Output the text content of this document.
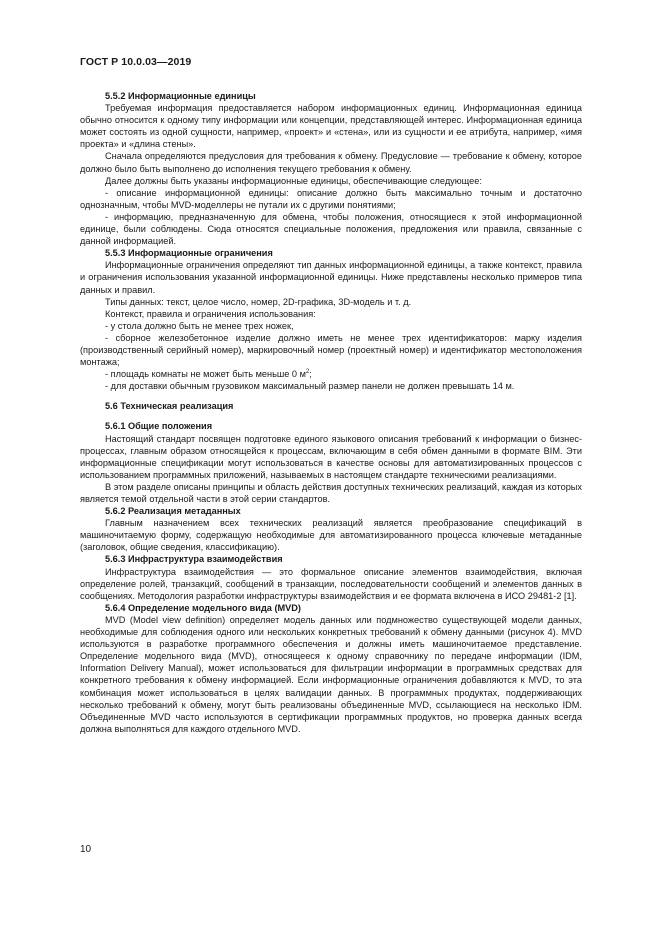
ГОСТ Р 10.0.03—2019

5.5.2 Информационные единицы

Требуемая информация предоставляется набором информационных единиц. Информационная единица обычно относится к одному типу информации или концепции, представляющей интерес. Информационная единица может состоять из одной сущности, например, «проект» и «стена», или из сущности и ее атрибута, например, «имя проекта» и «длина стены».

Сначала определяются предусловия для требования к обмену. Предусловие — требование к обмену, которое должно было быть выполнено до исполнения текущего требования к обмену.

Далее должны быть указаны информационные единицы, обеспечивающие следующее:

- описание информационной единицы: описание должно быть максимально точным и достаточно однозначным, чтобы MVD-моделлеры не путали их с другими понятиями;

- информацию, предназначенную для обмена, чтобы положения, относящиеся к этой информационной единице, были соблюдены. Сюда относятся специальные положения, предложения или правила, связанные с данной информацией.

5.5.3 Информационные ограничения

Информационные ограничения определяют тип данных информационной единицы, а также контекст, правила и ограничения использования указанной информационной единицы. Ниже представлены несколько примеров типа данных и правил.

Типы данных: текст, целое число, номер, 2D-графика, 3D-модель и т. д.

Контекст, правила и ограничения использования:

- у стола должно быть не менее трех ножек,

- сборное железобетонное изделие должно иметь не менее трех идентификаторов: марку изделия (производственный серийный номер), маркировочный номер (проектный номер) и идентификатор местоположения монтажа;

- площадь комнаты не может быть меньше 0 $м^2$;

- для доставки обычным грузовиком максимальный размер панели не должен превышать 14 м.

5.6 Техническая реализация

5.6.1 Общие положения

Настоящий стандарт посвящен подготовке единого языкового описания требований к информации о бизнес-процессах, главным образом относящейся к процессам, включающим в себя обмен данными в формате BIM. Эти информационные спецификации могут использоваться в качестве основы для автоматизированных процессов с использованием программных приложений, называемых в настоящем стандарте техническими реализациями.

В этом разделе описаны принципы и область действия доступных технических реализаций, каждая из которых является темой отдельной части в этой серии стандартов.

5.6.2 Реализация метаданных

Главным назначением всех технических реализаций является преобразование спецификаций в машиночитаемую форму, содержащую необходимые для автоматизированного процесса ключевые метаданные (заголовок, общие сведения, классификацию).

5.6.3 Инфраструктура взаимодействия

Инфраструктура взаимодействия — это формальное описание элементов взаимодействия, включая определение ролей, транзакций, сообщений в транзакции, последовательности сообщений и элементов данных в сообщениях. Методология разработки инфраструктуры взаимодействия и ее формата включена в ИСО 29481-2 [1].

5.6.4 Определение модельного вида (MVD)

MVD (Model view definition) определяет модель данных или подмножество существующей модели данных, необходимые для соблюдения одного или нескольких конкретных требований к обмену данными (рисунок 4). MVD используются в разработке программного обеспечения и должны иметь машиночитаемое представление. Определение модельного вида (MVD), относящееся к одному справочнику по передаче информации (IDM, Information Delivery Manual), может использоваться для фильтрации информации в программных средствах для конкретного требования к обмену информацией. Если информационные ограничения добавляются к MVD, то эта комбинация может использоваться в целях валидации данных. В программных продуктах, поддерживающих несколько требований к обмену, могут быть реализованы объединенные MVD, ссылающиеся на несколько IDM. Объединенные MVD часто используются в сертификации программных продуктов, но проверка данных всегда должна выполняться для каждого отдельного MVD.

10
